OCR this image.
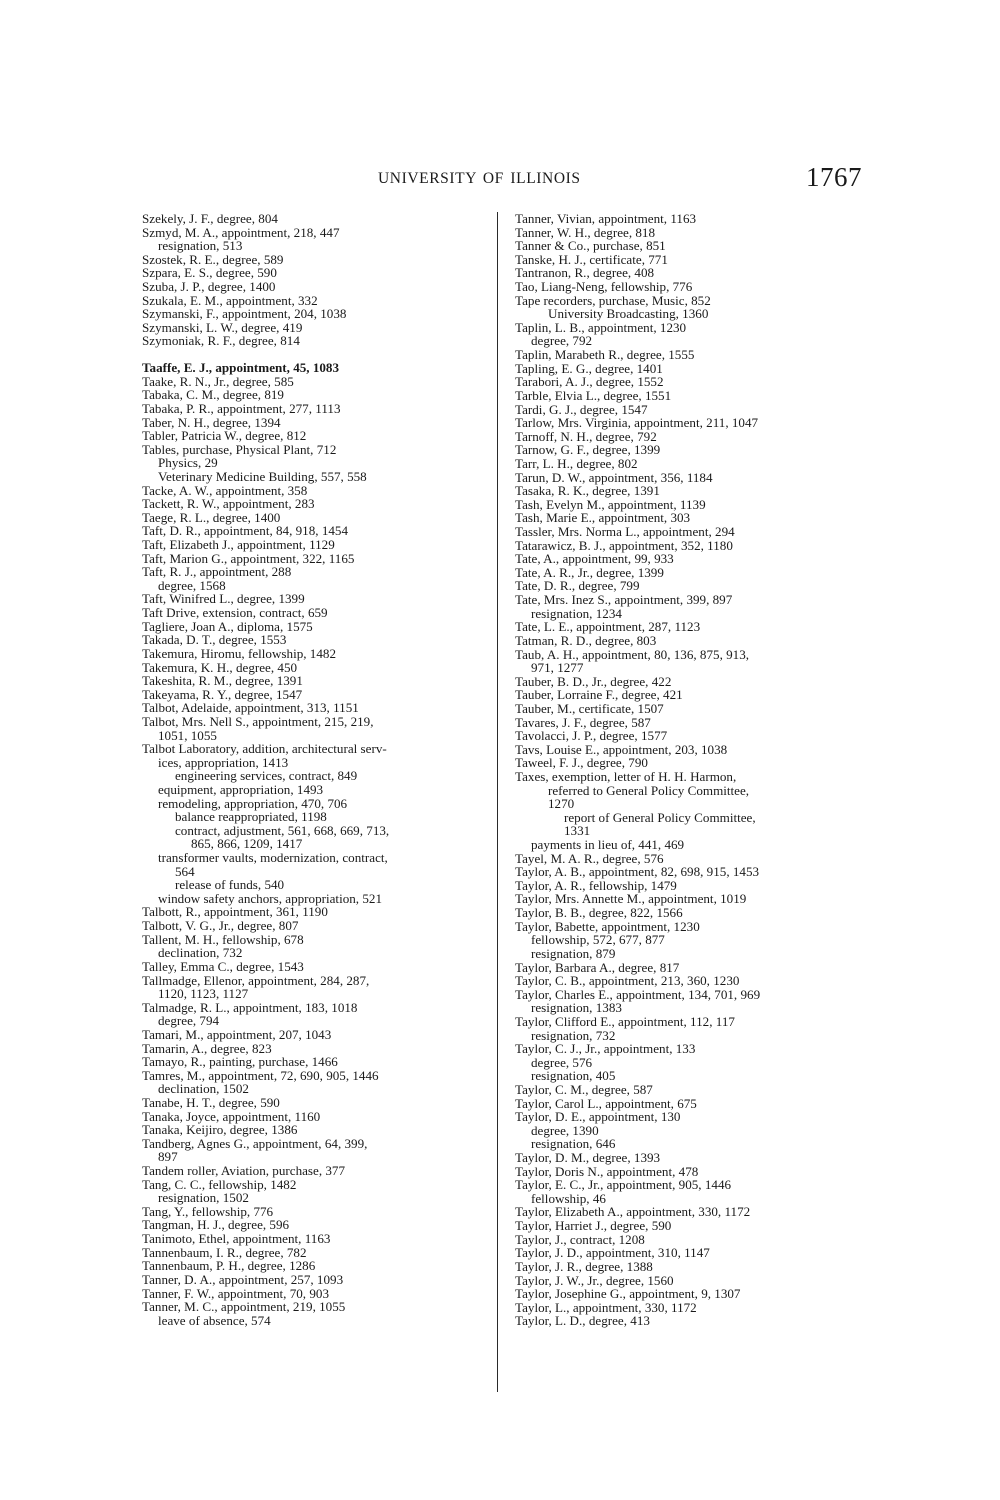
UNIVERSITY OF ILLINOIS	1767
Szekely, J. F., degree, 804
Szmyd, M. A., appointment, 218, 447
resignation, 513
Szostek, R. E., degree, 589
Szpara, E. S., degree, 590
Szuba, J. P., degree, 1400
Szukala, E. M., appointment, 332
Szymanski, F., appointment, 204, 1038
Szymanski, L. W., degree, 419
Szymoniak, R. F., degree, 814
Taaffe, E. J., appointment, 45, 1083
Taake, R. N., Jr., degree, 585
Tabaka, C. M., degree, 819
Tabaka, P. R., appointment, 277, 1113
Taber, N. H., degree, 1394
Tabler, Patricia W., degree, 812
Tables, purchase, Physical Plant, 712
Physics, 29
Veterinary Medicine Building, 557, 558
Tacke, A. W., appointment, 358
Tackett, R. W., appointment, 283
Taege, R. L., degree, 1400
Taft, D. R., appointment, 84, 918, 1454
Taft, Elizabeth J., appointment, 1129
Taft, Marion G., appointment, 322, 1165
Taft, R. J., appointment, 288
degree, 1568
Taft, Winifred L., degree, 1399
Taft Drive, extension, contract, 659
Tagliere, Joan A., diploma, 1575
Takada, D. T., degree, 1553
Takemura, Hiromu, fellowship, 1482
Takemura, K. H., degree, 450
Takeshita, R. M., degree, 1391
Takeyama, R. Y., degree, 1547
Talbot, Adelaide, appointment, 313, 1151
Talbot, Mrs. Nell S., appointment, 215, 219,
1051, 1055
Talbot Laboratory, addition, architectural serv-
ices, appropriation, 1413
engineering services, contract, 849
equipment, appropriation, 1493
remodeling, appropriation, 470, 706
balance reappropriated, 1198
contract, adjustment, 561, 668, 669, 713,
865, 866, 1209, 1417
transformer vaults, modernization, contract,
564
release of funds, 540
window safety anchors, appropriation, 521
Talbott, R., appointment, 361, 1190
Talbott, V. G., Jr., degree, 807
Tallent, M. H., fellowship, 678
declination, 732
Talley, Emma C., degree, 1543
Tallmadge, Ellenor, appointment, 284, 287,
1120, 1123, 1127
Talmadge, R. L., appointment, 183, 1018
degree, 794
Tamari, M., appointment, 207, 1043
Tamarin, A., degree, 823
Tamayo, R., painting, purchase, 1466
Tamres, M., appointment, 72, 690, 905, 1446
declination, 1502
Tanabe, H. T., degree, 590
Tanaka, Joyce, appointment, 1160
Tanaka, Keijiro, degree, 1386
Tandberg, Agnes G., appointment, 64, 399,
897
Tandem roller, Aviation, purchase, 377
Tang, C. C., fellowship, 1482
resignation, 1502
Tang, Y., fellowship, 776
Tangman, H. J., degree, 596
Tanimoto, Ethel, appointment, 1163
Tannenbaum, I. R., degree, 782
Tannenbaum, P. H., degree, 1286
Tanner, D. A., appointment, 257, 1093
Tanner, F. W., appointment, 70, 903
Tanner, M. C., appointment, 219, 1055
leave of absence, 574
Tanner, Vivian, appointment, 1163
Tanner, W. H., degree, 818
Tanner & Co., purchase, 851
Tanske, H. J., certificate, 771
Tantranon, R., degree, 408
Tao, Liang-Neng, fellowship, 776
Tape recorders, purchase, Music, 852
University Broadcasting, 1360
Taplin, L. B., appointment, 1230
degree, 792
Taplin, Marabeth R., degree, 1555
Tapling, E. G., degree, 1401
Tarabori, A. J., degree, 1552
Tarble, Elvia L., degree, 1551
Tardi, G. J., degree, 1547
Tarlow, Mrs. Virginia, appointment, 211, 1047
Tarnoff, N. H., degree, 792
Tarnow, G. F., degree, 1399
Tarr, L. H., degree, 802
Tarun, D. W., appointment, 356, 1184
Tasaka, R. K., degree, 1391
Tash, Evelyn M., appointment, 1139
Tash, Marie E., appointment, 303
Tassler, Mrs. Norma L., appointment, 294
Tatarawicz, B. J., appointment, 352, 1180
Tate, A., appointment, 99, 933
Tate, A. R., Jr., degree, 1399
Tate, D. R., degree, 799
Tate, Mrs. Inez S., appointment, 399, 897
resignation, 1234
Tate, L. E., appointment, 287, 1123
Tatman, R. D., degree, 803
Taub, A. H., appointment, 80, 136, 875, 913,
971, 1277
Tauber, B. D., Jr., degree, 422
Tauber, Lorraine F., degree, 421
Tauber, M., certificate, 1507
Tavares, J. F., degree, 587
Tavolacci, J. P., degree, 1577
Tavs, Louise E., appointment, 203, 1038
Taweel, F. J., degree, 790
Taxes, exemption, letter of H. H. Harmon,
referred to General Policy Committee,
1270
report of General Policy Committee,
1331
payments in lieu of, 441, 469
Tayel, M. A. R., degree, 576
Taylor, A. B., appointment, 82, 698, 915, 1453
Taylor, A. R., fellowship, 1479
Taylor, Mrs. Annette M., appointment, 1019
Taylor, B. B., degree, 822, 1566
Taylor, Babette, appointment, 1230
fellowship, 572, 677, 877
resignation, 879
Taylor, Barbara A., degree, 817
Taylor, C. B., appointment, 213, 360, 1230
Taylor, Charles E., appointment, 134, 701, 969
resignation, 1383
Taylor, Clifford E., appointment, 112, 117
resignation, 732
Taylor, C. J., Jr., appointment, 133
degree, 576
resignation, 405
Taylor, C. M., degree, 587
Taylor, Carol L., appointment, 675
Taylor, D. E., appointment, 130
degree, 1390
resignation, 646
Taylor, D. M., degree, 1393
Taylor, Doris N., appointment, 478
Taylor, E. C., Jr., appointment, 905, 1446
fellowship, 46
Taylor, Elizabeth A., appointment, 330, 1172
Taylor, Harriet J., degree, 590
Taylor, J., contract, 1208
Taylor, J. D., appointment, 310, 1147
Taylor, J. R., degree, 1388
Taylor, J. W., Jr., degree, 1560
Taylor, Josephine G., appointment, 9, 1307
Taylor, L., appointment, 330, 1172
Taylor, L. D., degree, 413
